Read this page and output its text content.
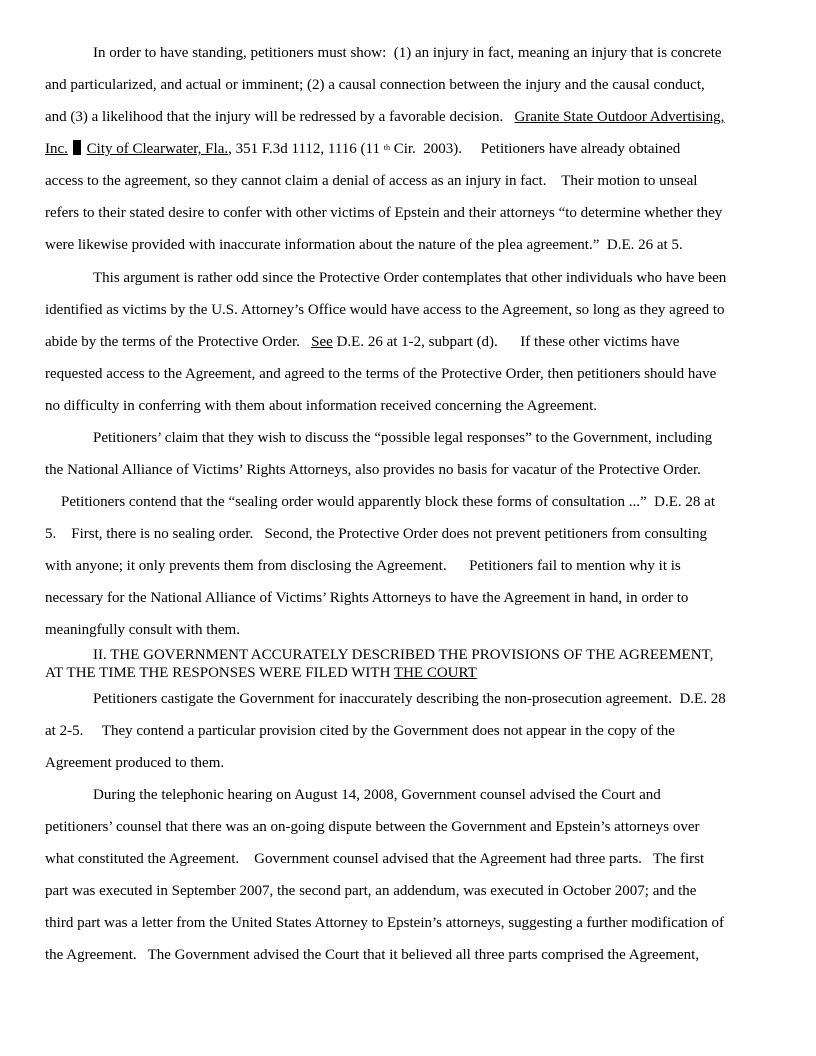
In order to have standing, petitioners must show:  (1) an injury in fact, meaning an injury that is concrete
and particularized, and actual or imminent; (2) a causal connection between the injury and the causal conduct,
and (3) a likelihood that the injury will be redressed by a favorable decision. Granite State Outdoor Advertising,
Inc. City of Clearwater, Fla., 351 F.3d 1112, 1116 (11 $^{th}$ Cir.  2003). Petitioners have already obtained
access to the agreement, so they cannot claim a denial of access as an injury in fact.    Their motion to unseal
refers to their stated desire to confer with other victims of Epstein and their attorneys “to determine whether they
were likewise provided with inaccurate information about the nature of the plea agreement.”  D.E. 26 at 5.
This argument is rather odd since the Protective Order contemplates that other individuals who have been
identified as victims by the U.S. Attorney’s Office would have access to the Agreement, so long as they agreed to
abide by the terms of the Protective Order. See D.E. 26 at 1-2, subpart (d).      If these other victims have
requested access to the Agreement, and agreed to the terms of the Protective Order, then petitioners should have
no difficulty in conferring with them about information received concerning the Agreement.
Petitioners’ claim that they wish to discuss the “possible legal responses” to the Government, including
the National Alliance of Victims’ Rights Attorneys, also provides no basis for vacatur of the Protective Order.
Petitioners contend that the “sealing order would apparently block these forms of consultation ...”  D.E. 28 at
5.    First, there is no sealing order.   Second, the Protective Order does not prevent petitioners from consulting
with anyone; it only prevents them from disclosing the Agreement.      Petitioners fail to mention why it is
necessary for the National Alliance of Victims’ Rights Attorneys to have the Agreement in hand, in order to
meaningfully consult with them.
II. THE GOVERNMENT ACCURATELY DESCRIBED THE PROVISIONS OF THE AGREEMENT,
AT THE TIME THE RESPONSES WERE FILED WITH THE COURT
Petitioners castigate the Government for inaccurately describing the non-prosecution agreement.  D.E. 28
at 2-5.     They contend a particular provision cited by the Government does not appear in the copy of the
Agreement produced to them.
During the telephonic hearing on August 14, 2008, Government counsel advised the Court and
petitioners’ counsel that there was an on-going dispute between the Government and Epstein’s attorneys over
what constituted the Agreement.    Government counsel advised that the Agreement had three parts.   The first
part was executed in September 2007, the second part, an addendum, was executed in October 2007; and the
third part was a letter from the United States Attorney to Epstein’s attorneys, suggesting a further modification of
the Agreement.   The Government advised the Court that it believed all three parts comprised the Agreement,
